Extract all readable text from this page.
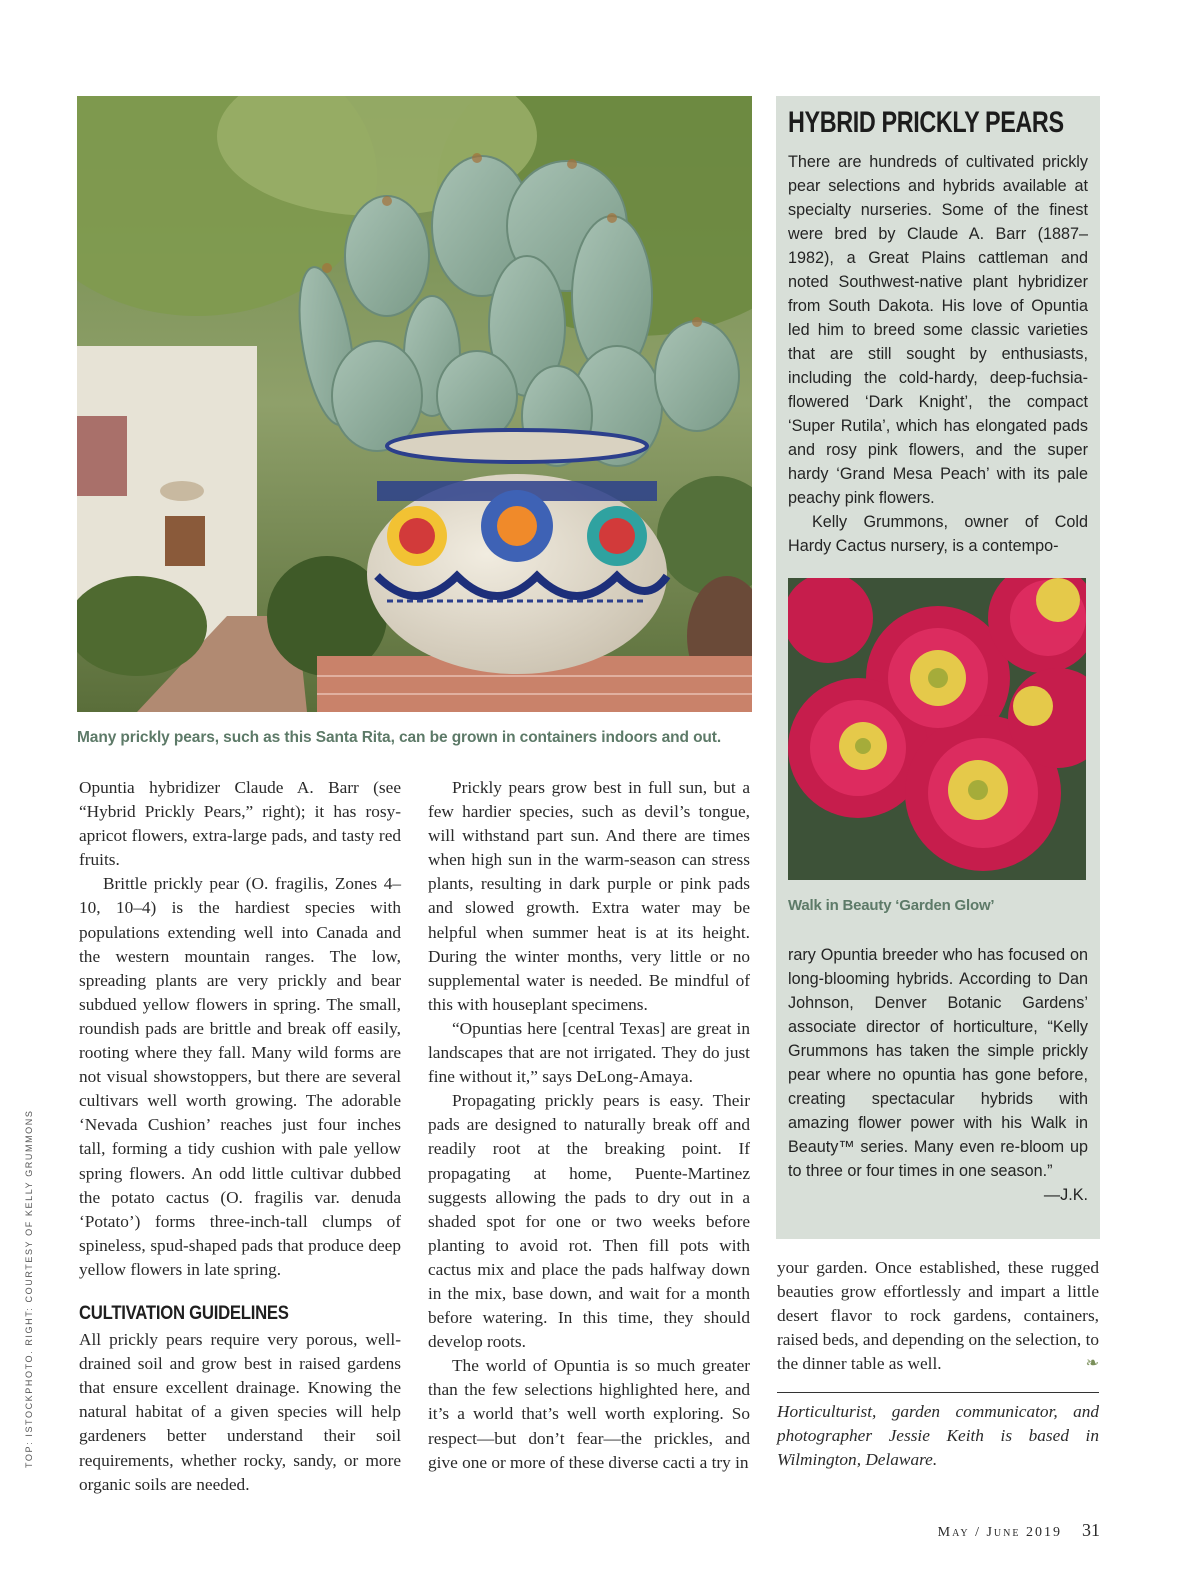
Many prickly pears, such as this Santa Rita, can be grown in containers indoors and out.

Opuntia hybridizer Claude A. Barr (see “Hybrid Prickly Pears,” right); it has rosy-apricot flowers, extra-large pads, and tasty red fruits.

Brittle prickly pear (O. fragilis, Zones 4–10, 10–4) is the hardiest species with populations extending well into Canada and the western mountain ranges. The low, spreading plants are very prickly and bear subdued yellow flowers in spring. The small, roundish pads are brittle and break off easily, rooting where they fall. Many wild forms are not visual showstoppers, but there are several cultivars well worth growing. The adorable ‘Nevada Cushion’ reaches just four inches tall, forming a tidy cushion with pale yellow spring flowers. An odd little cultivar dubbed the potato cactus (O. fragilis var. denuda ‘Potato’) forms three-inch-tall clumps of spineless, spud-shaped pads that produce deep yellow flowers in late spring.

CULTIVATION GUIDELINES

All prickly pears require very porous, well-drained soil and grow best in raised gardens that ensure excellent drainage. Knowing the natural habitat of a given species will help gardeners better understand their soil requirements, whether rocky, sandy, or more organic soils are needed.

Prickly pears grow best in full sun, but a few hardier species, such as devil’s tongue, will withstand part sun. And there are times when high sun in the warm-season can stress plants, resulting in dark purple or pink pads and slowed growth. Extra water may be helpful when summer heat is at its height. During the winter months, very little or no supplemental water is needed. Be mindful of this with houseplant specimens.

“Opuntias here [central Texas] are great in landscapes that are not irrigated. They do just fine without it,” says DeLong-Amaya.

Propagating prickly pears is easy. Their pads are designed to naturally break off and readily root at the breaking point. If propagating at home, Puente-Martinez suggests allowing the pads to dry out in a shaded spot for one or two weeks before planting to avoid rot. Then fill pots with cactus mix and place the pads halfway down in the mix, base down, and wait for a month before watering. In this time, they should develop roots.

The world of Opuntia is so much greater than the few selections highlighted here, and it’s a world that’s well worth exploring. So respect—but don’t fear—the prickles, and give one or more of these diverse cacti a try in

HYBRID PRICKLY PEARS

There are hundreds of cultivated prickly pear selections and hybrids available at specialty nurseries. Some of the finest were bred by Claude A. Barr (1887–1982), a Great Plains cattleman and noted Southwest-native plant hybridizer from South Dakota. His love of Opuntia led him to breed some classic varieties that are still sought by enthusiasts, including the cold-hardy, deep-fuchsia-flowered ‘Dark Knight’, the compact ‘Super Rutila’, which has elongated pads and rosy pink flowers, and the super hardy ‘Grand Mesa Peach’ with its pale peachy pink flowers.

Kelly Grummons, owner of Cold Hardy Cactus nursery, is a contempo-

Walk in Beauty ‘Garden Glow’

rary Opuntia breeder who has focused on long-blooming hybrids. According to Dan Johnson, Denver Botanic Gardens’ associate director of horticulture, “Kelly Grummons has taken the simple prickly pear where no opuntia has gone before, creating spectacular hybrids with amazing flower power with his Walk in Beauty™ series. Many even re-bloom up to three or four times in one season.”
—J.K.

your garden. Once established, these rugged beauties grow effortlessly and impart a little desert flavor to rock gardens, containers, raised beds, and depending on the selection, to the dinner table as well.	❧

Horticulturist, garden communicator, and photographer Jessie Keith is based in Wilmington, Delaware.
TOP: ISTOCKPHOTO. RIGHT: COURTESY OF KELLY GRUMMONS
May / June 2019 31
